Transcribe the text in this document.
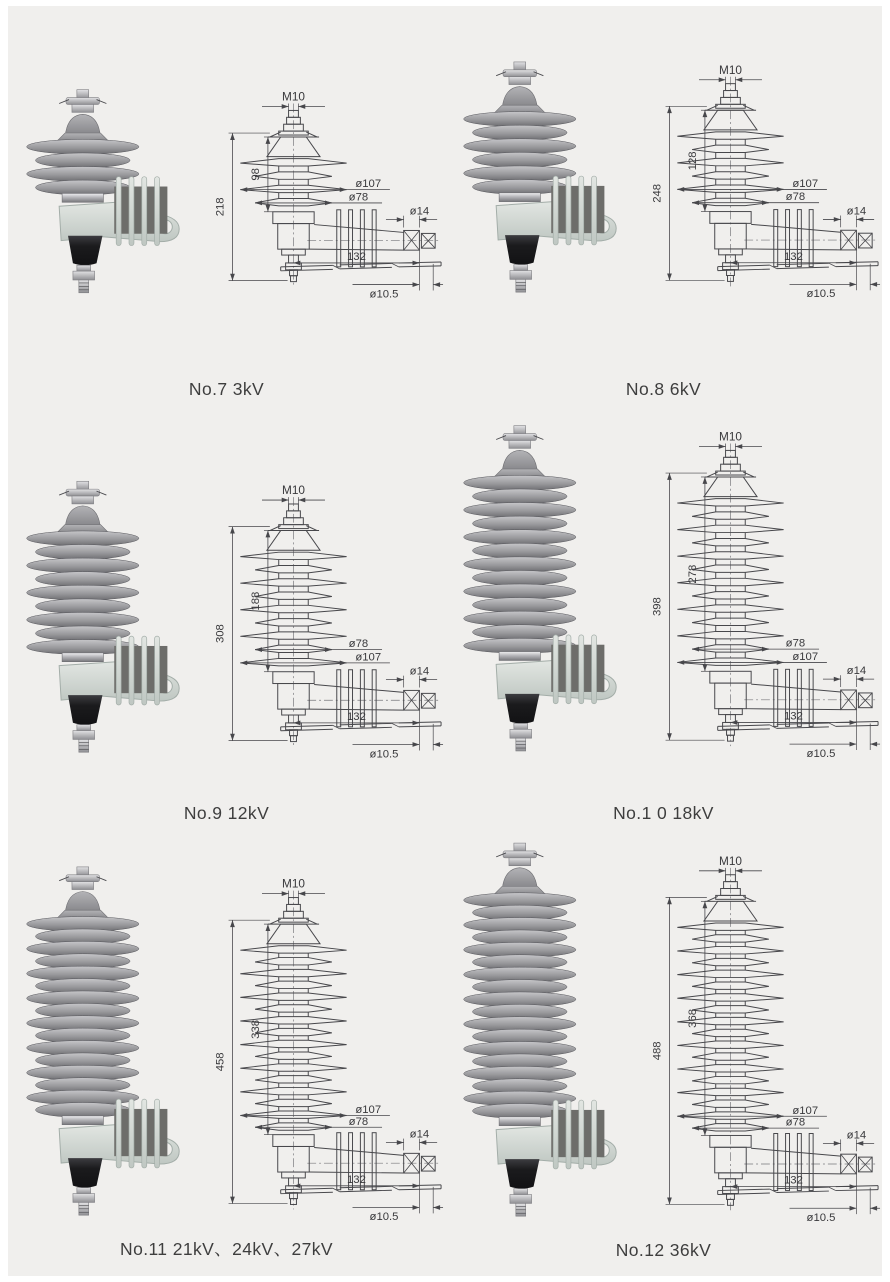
M10
ø107
ø78
ø14
132
ø10.5
218
98
No.7 3kV
M10
ø107
ø78
ø14
132
ø10.5
248
128
No.8 6kV
M10
ø107
ø78
ø14
132
ø10.5
308
188
No.9 12kV
M10
ø107
ø78
ø14
132
ø10.5
398
278
No.1 0 18kV
M10
ø107
ø78
ø14
132
ø10.5
458
338
No.11 21kV、24kV、27kV
M10
ø107
ø78
ø14
132
ø10.5
488
368
No.12 36kV
